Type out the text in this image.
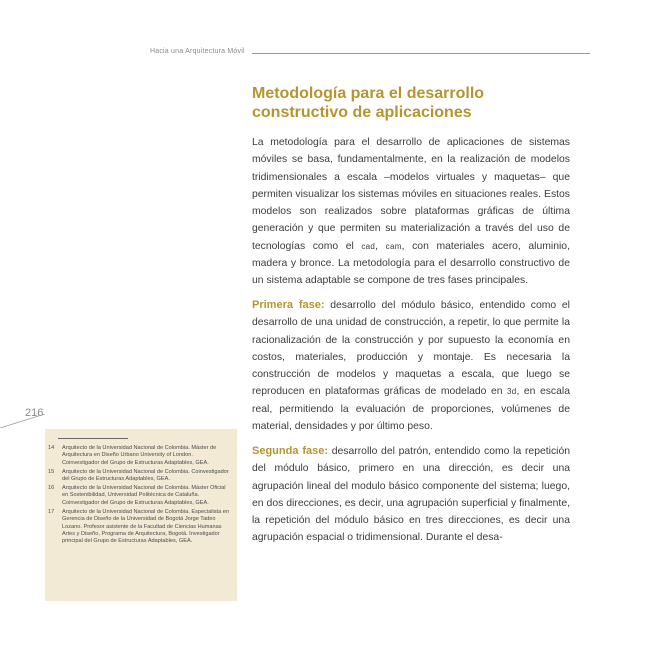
Hacia una Arquitectura Móvil
Metodología para el desarrollo constructivo de aplicaciones

La metodología para el desarrollo de aplicaciones de sistemas móviles se basa, fundamentalmente, en la realización de modelos tridimensionales a escala –modelos virtuales y maquetas– que permiten visualizar los sistemas móviles en situaciones reales. Estos modelos son realizados sobre plataformas gráficas de última generación y que permiten su materialización a través del uso de tecnologías como el cad, cam, con materiales acero, aluminio, madera y bronce. La metodología para el desarrollo constructivo de un sistema adaptable se compone de tres fases principales.

Primera fase: desarrollo del módulo básico, entendido como el desarrollo de una unidad de construcción, a repetir, lo que permite la racionalización de la construcción y por supuesto la economía en costos, materiales, producción y montaje. Es necesaria la construcción de modelos y maquetas a escala, que luego se reproducen en plataformas gráficas de modelado en 3d, en escala real, permitiendo la evaluación de proporciones, volúmenes de material, densidades y por último peso.

Segunda fase: desarrollo del patrón, entendido como la repetición del módulo básico, primero en una dirección, es decir una agrupación lineal del modulo básico componente del sistema; luego, en dos direcciones, es decir, una agrupación superficial y finalmente, la repetición del módulo básico en tres direcciones, es decir una agrupación espacial o tridimensional. Durante el desa-

216
14	Arquitecto de la Universidad Nacional de Colombia. Máster de Arquitectura en Diseño Urbano University of London. Coinvestigador del Grupo de Estructuras Adaptables, GEA.
15	Arquitecto de la Universidad Nacional de Colombia. Coinvestigador del Grupo de Estructuras Adaptables, GEA.
16	Arquitecto de la Universidad Nacional de Colombia. Máster Oficial en Sostenibilidad, Universidad Politécnica de Cataluña. Coinvestigador del Grupo de Estructuras Adaptables, GEA.
17	Arquitecto de la Universidad Nacional de Colombia. Especialista en Gerencia de Diseño de la Universidad de Bogotá Jorge Tadeo Lozano. Profesor asistente de la Facultad de Ciencias Humanas Artes y Diseño, Programa de Arquitectura, Bogotá. Investigador principal del Grupo de Estructuras Adaptables, GEA.
